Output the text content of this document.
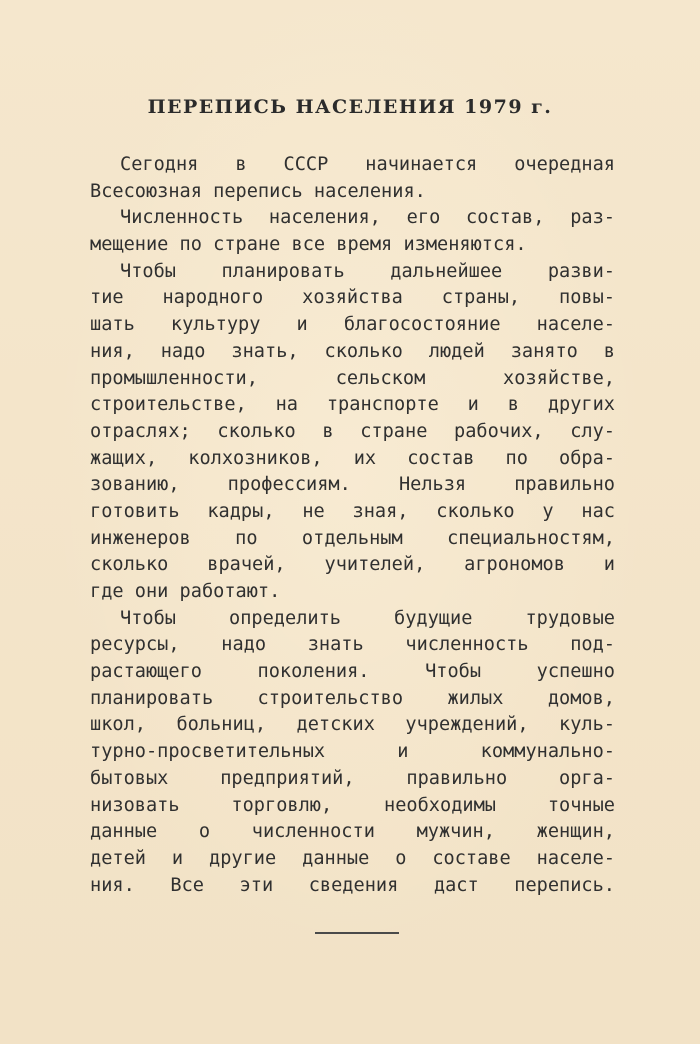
ПЕРЕПИСЬ НАСЕЛЕНИЯ 1979 г.
Сегодня в СССР начинается очередная
Всесоюзная перепись населения.
Численность населения, его состав, раз-
мещение по стране все время изменяются.
Чтобы планировать дальнейшее разви-
тие народного хозяйства страны, повы-
шать культуру и благосостояние населе-
ния, надо знать, сколько людей занято в
промышленности, сельском хозяйстве,
строительстве, на транспорте и в других
отраслях; сколько в стране рабочих, слу-
жащих, колхозников, их состав по обра-
зованию, профессиям. Нельзя правильно
готовить кадры, не зная, сколько у нас
инженеров по отдельным специальностям,
сколько врачей, учителей, агрономов и
где они работают.
Чтобы определить будущие трудовые
ресурсы, надо знать численность под-
растающего поколения. Чтобы успешно
планировать строительство жилых домов,
школ, больниц, детских учреждений, куль-
турно-просветительных и коммунально-
бытовых предприятий, правильно орга-
низовать торговлю, необходимы точные
данные о численности мужчин, женщин,
детей и другие данные о составе населе-
ния. Все эти сведения даст перепись.
